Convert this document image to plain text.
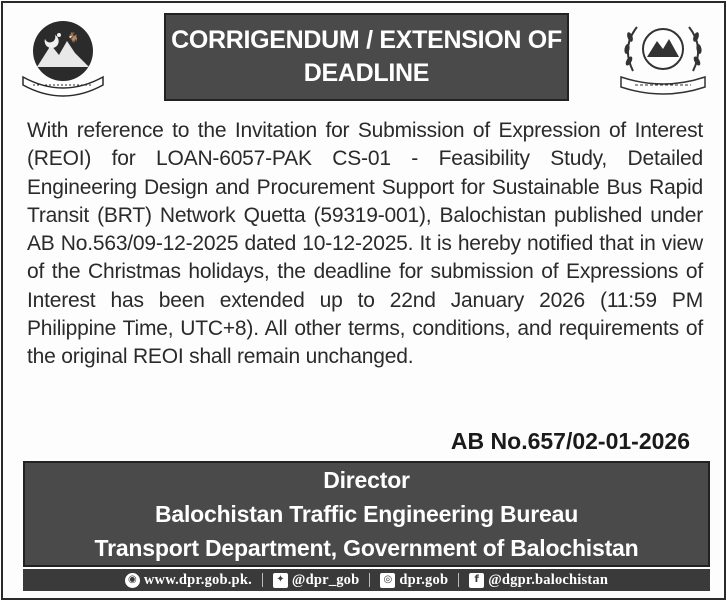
🐐	CORRIGENDUM / EXTENSION OF
DEADLINE

With reference to the Invitation for Submission of Expression of Interest (REOI) for LOAN-6057-PAK CS-01 - Feasibility Study, Detailed Engineering Design and Procurement Support for Sustainable Bus Rapid Transit (BRT) Network Quetta (59319-001), Balochistan published under AB No.563/09-12-2025 dated 10-12-2025. It is hereby notified that in view of the Christmas holidays, the deadline for submission of Expressions of Interest has been extended up to 22nd January 2026 (11:59 PM Philippine Time, UTC+8). All other terms, conditions, and requirements of the original REOI shall remain unchanged.

AB No.657/02-01-2026
Director
Balochistan Traffic Engineering Bureau
Transport Department, Government of Balochistan
◉ www.dpr.gob.pk.	✦ @dpr_gob	◎ dpr.gob	f @dgpr.balochistan
